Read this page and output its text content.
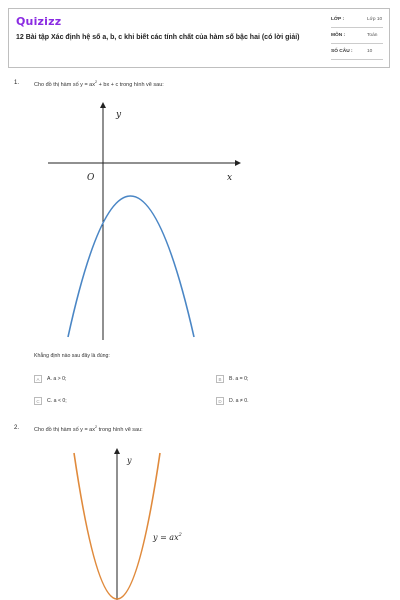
Quizizz
12 Bài tập Xác định hệ số a, b, c khi biết các tính chất của hàm số bậc hai (có lời giải)
LỚP :	Lớp 10
MÔN :	Toán
SỐ CÂU :	10
1.	Cho đồ thị hàm số $y = ax^2$ + bx + c trong hình vẽ sau:
y
x
O
Khẳng định nào sau đây là đúng:
A	A. a > 0;	B	B. a = 0;
C	C. a < 0;	D	D. a ≠ 0.
2.	Cho đồ thị hàm số $y = ax^2$ trong hình vẽ sau:
y
$y = ax^2$
